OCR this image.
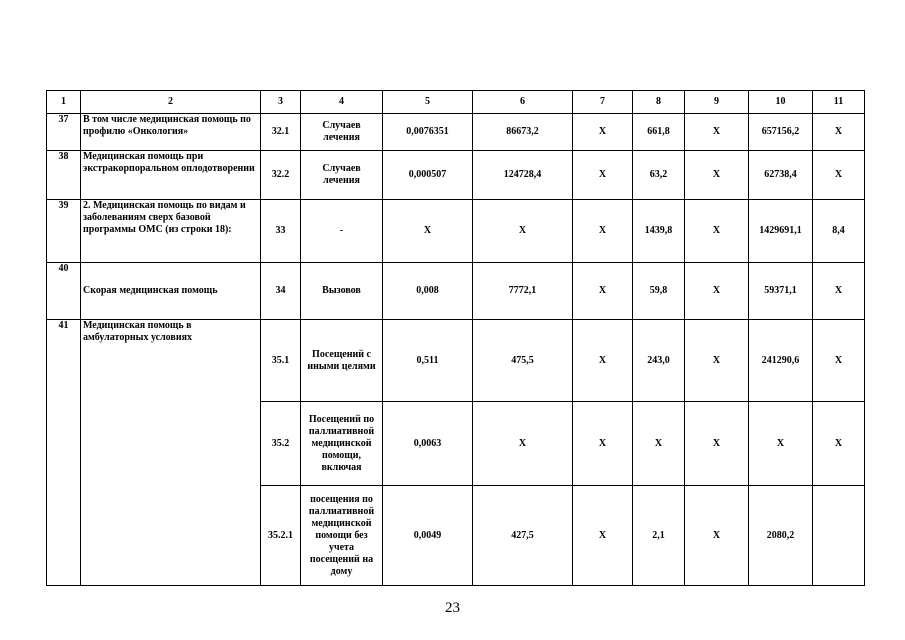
1	2	3	4	5	6	7	8	9	10	11
37	В том числе медицинская помощь по профилю «Онкология»	32.1	Случаев лечения	0,0076351	86673,2	X	661,8	X	657156,2	X
38	Медицинская помощь при экстракорпоральном оплодотворении	32.2	Случаев лечения	0,000507	124728,4	X	63,2	X	62738,4	X
39	2. Медицинская помощь по видам и заболеваниям сверх базовой программы ОМС (из строки 18):	33	-	X	X	X	1439,8	X	1429691,1	8,4
40	Скорая медицинская помощь	34	Вызовов	0,008	7772,1	X	59,8	X	59371,1	X
41	Медицинская помощь в амбулаторных условиях	35.1	Посещений с иными целями	0,511	475,5	X	243,0	X	241290,6	X
		35.2	Посещений по паллиативной медицинской помощи, включая	0,0063	X	X	X	X	X	X
		35.2.1	посещения по паллиативной медицинской помощи без учета посещений на дому	0,0049	427,5	X	2,1	X	2080,2	
23
